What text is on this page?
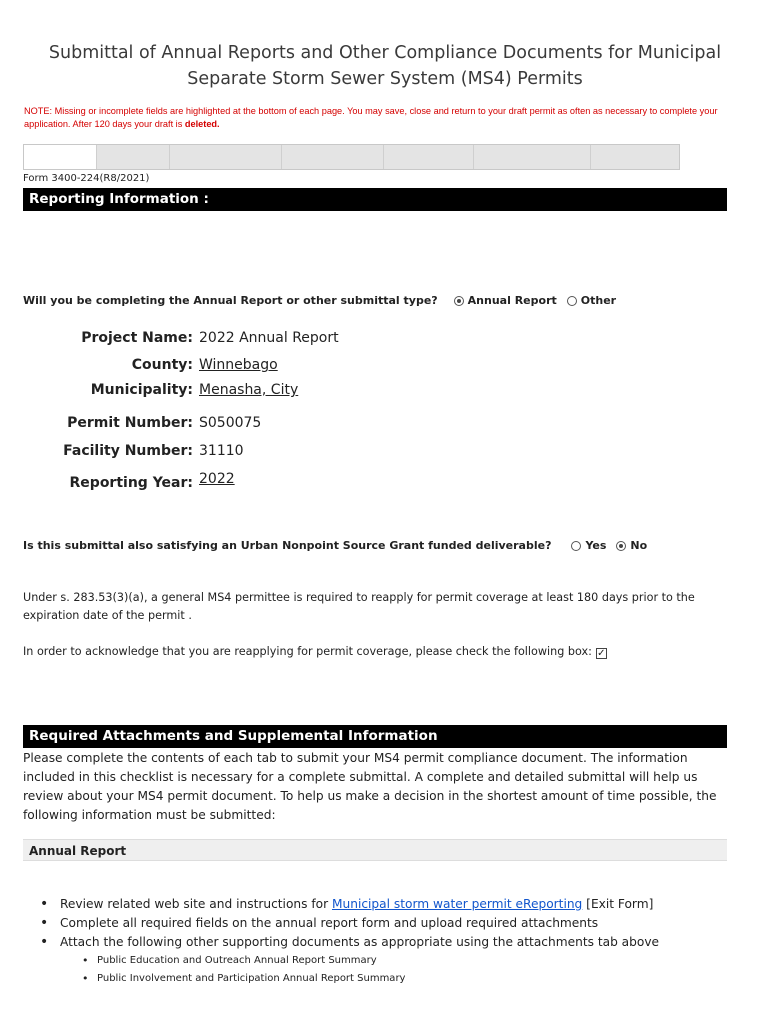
Submittal of Annual Reports and Other Compliance Documents for Municipal
Separate Storm Sewer System (MS4) Permits
NOTE: Missing or incomplete fields are highlighted at the bottom of each page. You may save, close and return to your draft permit as often as necessary to complete your application. After 120 days your draft is deleted.
Form 3400-224(R8/2021)
Reporting Information :
Will you be completing the Annual Report or other submittal type?	Annual Report Other
Project Name: 2022 Annual Report
County: Winnebago
Municipality: Menasha, City
Permit Number: S050075
Facility Number: 31110
Reporting Year: 2022
Is this submittal also satisfying an Urban Nonpoint Source Grant funded deliverable?	Yes No
Under s. 283.53(3)(a), a general MS4 permittee is required to reapply for permit coverage at least 180 days prior to the expiration date of the permit .
In order to acknowledge that you are reapplying for permit coverage, please check the following box: ✓
Required Attachments and Supplemental Information
Please complete the contents of each tab to submit your MS4 permit compliance document. The information included in this checklist is necessary for a complete submittal. A complete and detailed submittal will help us review about your MS4 permit document. To help us make a decision in the shortest amount of time possible, the following information must be submitted:
Annual Report
• Review related web site and instructions for Municipal storm water permit eReporting [Exit Form]
• Complete all required fields on the annual report form and upload required attachments
• Attach the following other supporting documents as appropriate using the attachments tab above
• Public Education and Outreach Annual Report Summary
• Public Involvement and Participation Annual Report Summary
